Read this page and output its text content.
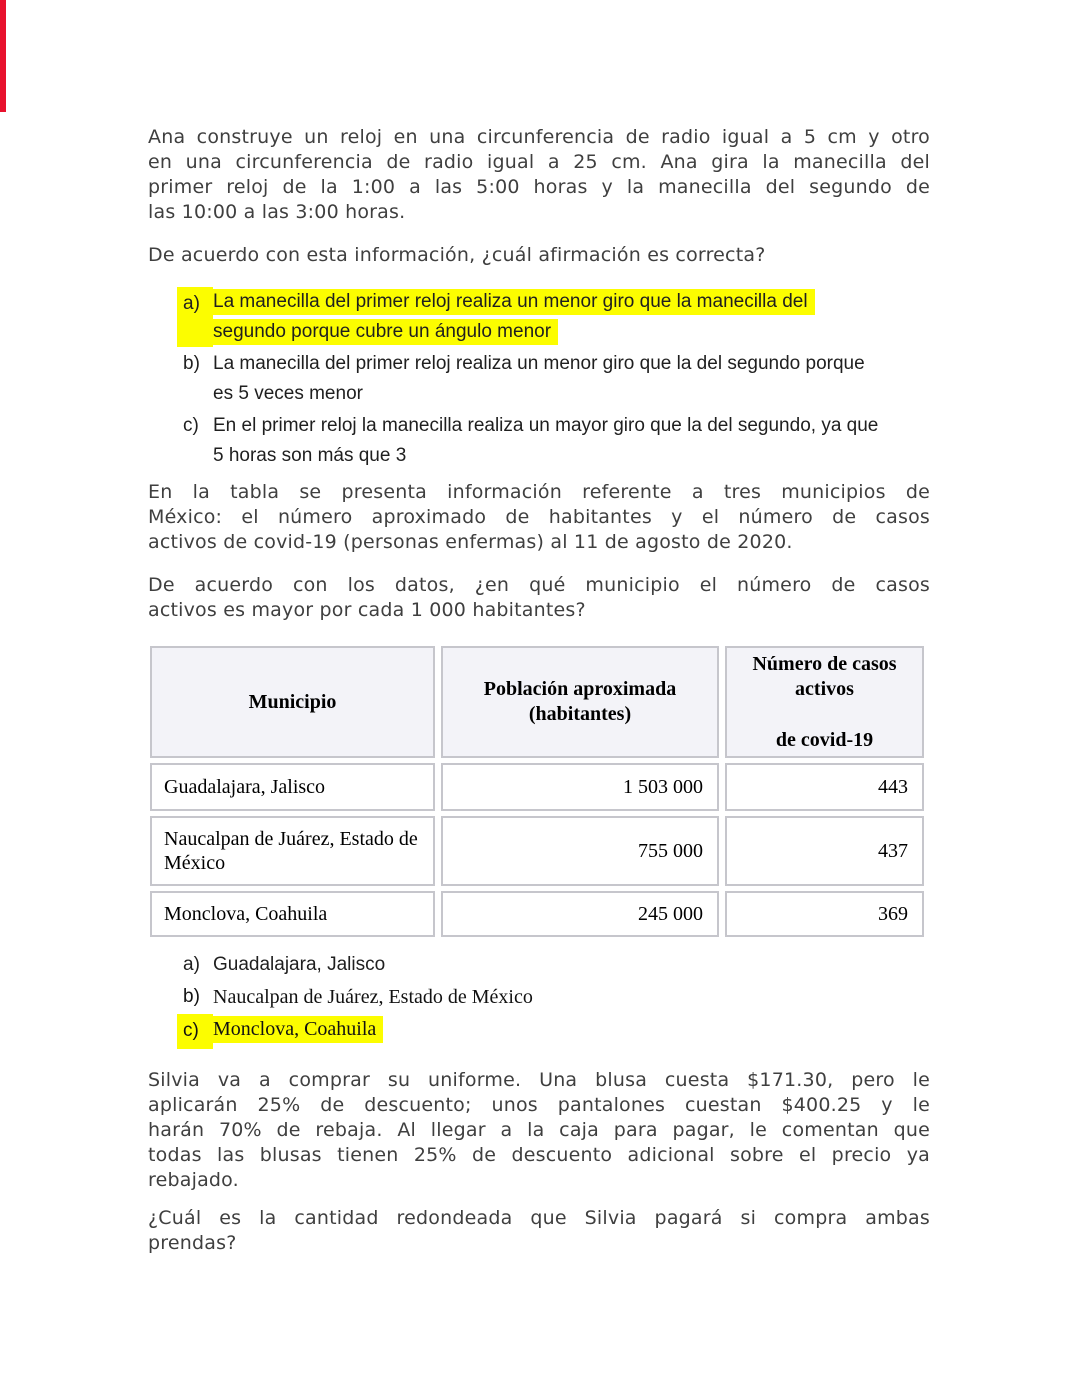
Ana construye un reloj en una circunferencia de radio igual a 5 cm y otro
en una circunferencia de radio igual a 25 cm. Ana gira la manecilla del
primer reloj de la 1:00 a las 5:00 horas y la manecilla del segundo de
las 10:00 a las 3:00 horas.
De acuerdo con esta información, ¿cuál afirmación es correcta?
a) La manecilla del primer reloj realiza un menor giro que la manecilla del
segundo porque cubre un ángulo menor
b) La manecilla del primer reloj realiza un menor giro que la del segundo porque
es 5 veces menor
c) En el primer reloj la manecilla realiza un mayor giro que la del segundo, ya que
5 horas son más que 3
En la tabla se presenta información referente a tres municipios de
México: el número aproximado de habitantes y el número de casos
activos de covid-19 (personas enfermas) al 11 de agosto de 2020.
De acuerdo con los datos, ¿en qué municipio el número de casos
activos es mayor por cada 1 000 habitantes?
Municipio	Población aproximada (habitantes)	Número de casos activos
de covid-19

Guadalajara, Jalisco	1 503 000	443
Naucalpan de Juárez, Estado de México	755 000	437
Monclova, Coahuila	245 000	369
a) Guadalajara, Jalisco
b) Naucalpan de Juárez, Estado de México
c) Monclova, Coahuila
Silvia va a comprar su uniforme. Una blusa cuesta $171.30, pero le
aplicarán 25% de descuento; unos pantalones cuestan $400.25 y le
harán 70% de rebaja. Al llegar a la caja para pagar, le comentan que
todas las blusas tienen 25% de descuento adicional sobre el precio ya
rebajado.
¿Cuál es la cantidad redondeada que Silvia pagará si compra ambas
prendas?
